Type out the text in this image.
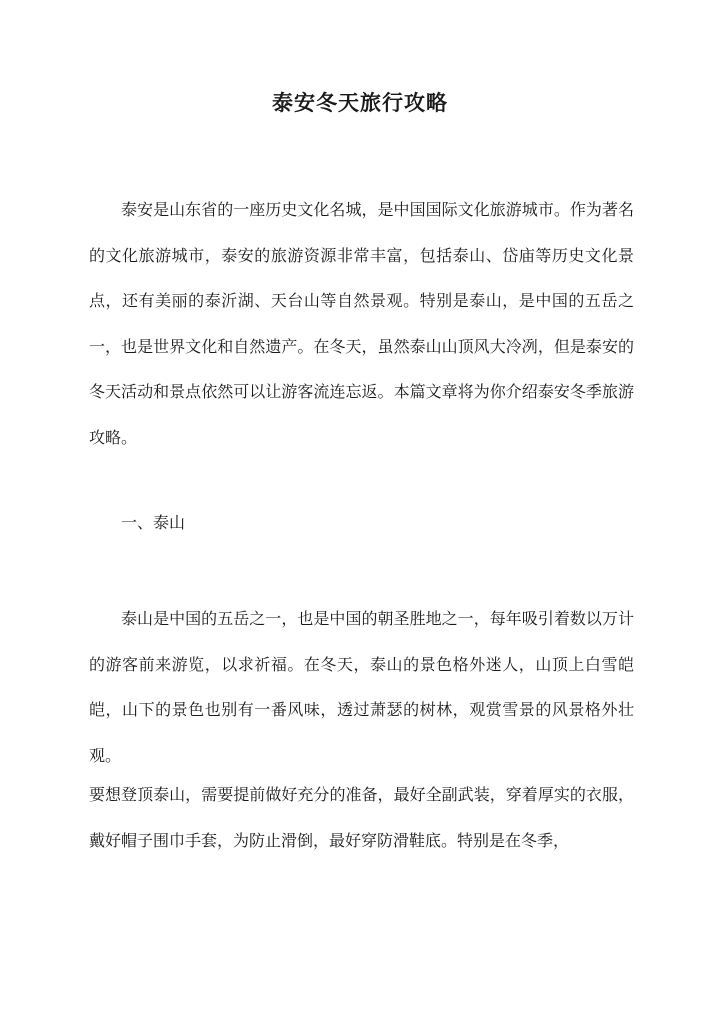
泰安冬天旅行攻略

泰安是山东省的一座历史文化名城，是中国国际文化旅游城市。作为著名的文化旅游城市，泰安的旅游资源非常丰富，包括泰山、岱庙等历史文化景点，还有美丽的泰沂湖、天台山等自然景观。特别是泰山，是中国的五岳之一，也是世界文化和自然遗产。在冬天，虽然泰山山顶风大冷冽，但是泰安的冬天活动和景点依然可以让游客流连忘返。本篇文章将为你介绍泰安冬季旅游攻略。

一、泰山

泰山是中国的五岳之一，也是中国的朝圣胜地之一，每年吸引着数以万计的游客前来游览，以求祈福。在冬天，泰山的景色格外迷人，山顶上白雪皑皑，山下的景色也别有一番风味，透过萧瑟的树林，观赏雪景的风景格外壮观。

要想登顶泰山，需要提前做好充分的准备，最好全副武装，穿着厚实的衣服，戴好帽子围巾手套，为防止滑倒，最好穿防滑鞋底。特别是在冬季，
